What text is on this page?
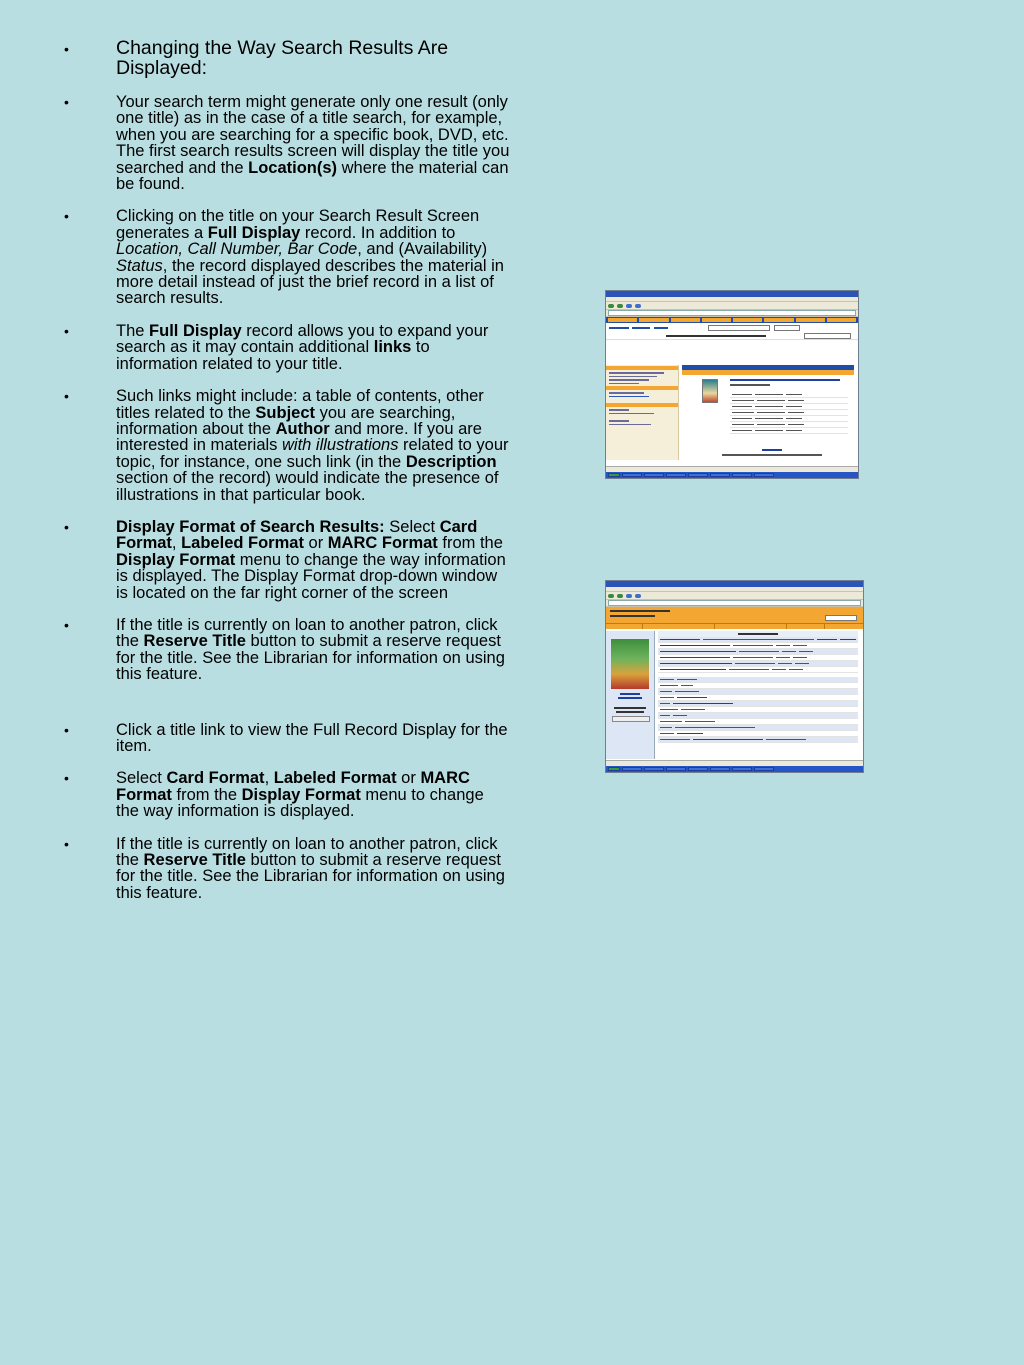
• Changing the Way Search Results Are Displayed:
•	Your search term might generate only one result (only one title) as in the case of a title search, for example, when you are searching for a specific book, DVD, etc. The first search results screen will display the title you searched and the Location(s) where the material can be found.
•	Clicking on the title on your Search Result Screen generates a Full Display record. In addition to Location, Call Number, Bar Code, and (Availability) Status, the record displayed describes the material in more detail instead of just the brief record in a list of search results.
•	The Full Display record allows you to expand your search as it may contain additional links to information related to your title.
•	Such links might include: a table of contents, other titles related to the Subject you are searching, information about the Author and more. If you are interested in materials with illustrations related to your topic, for instance, one such link (in the Description section of the record) would indicate the presence of illustrations in that particular book.
•	Display Format of Search Results: Select Card Format, Labeled Format or MARC Format from the Display Format menu to change the way information is displayed. The Display Format drop-down window is located on the far right corner of the screen
•	If the title is currently on loan to another patron, click the Reserve Title button to submit a reserve request for the title. See the Librarian for information on using this feature.
•	Click a title link to view the Full Record Display for the item.
•	Select Card Format, Labeled Format or MARC Format from the Display Format menu to change the way information is displayed.
•	If the title is currently on loan to another patron, click the Reserve Title button to submit a reserve request for the title. See the Librarian for information on using this feature.
